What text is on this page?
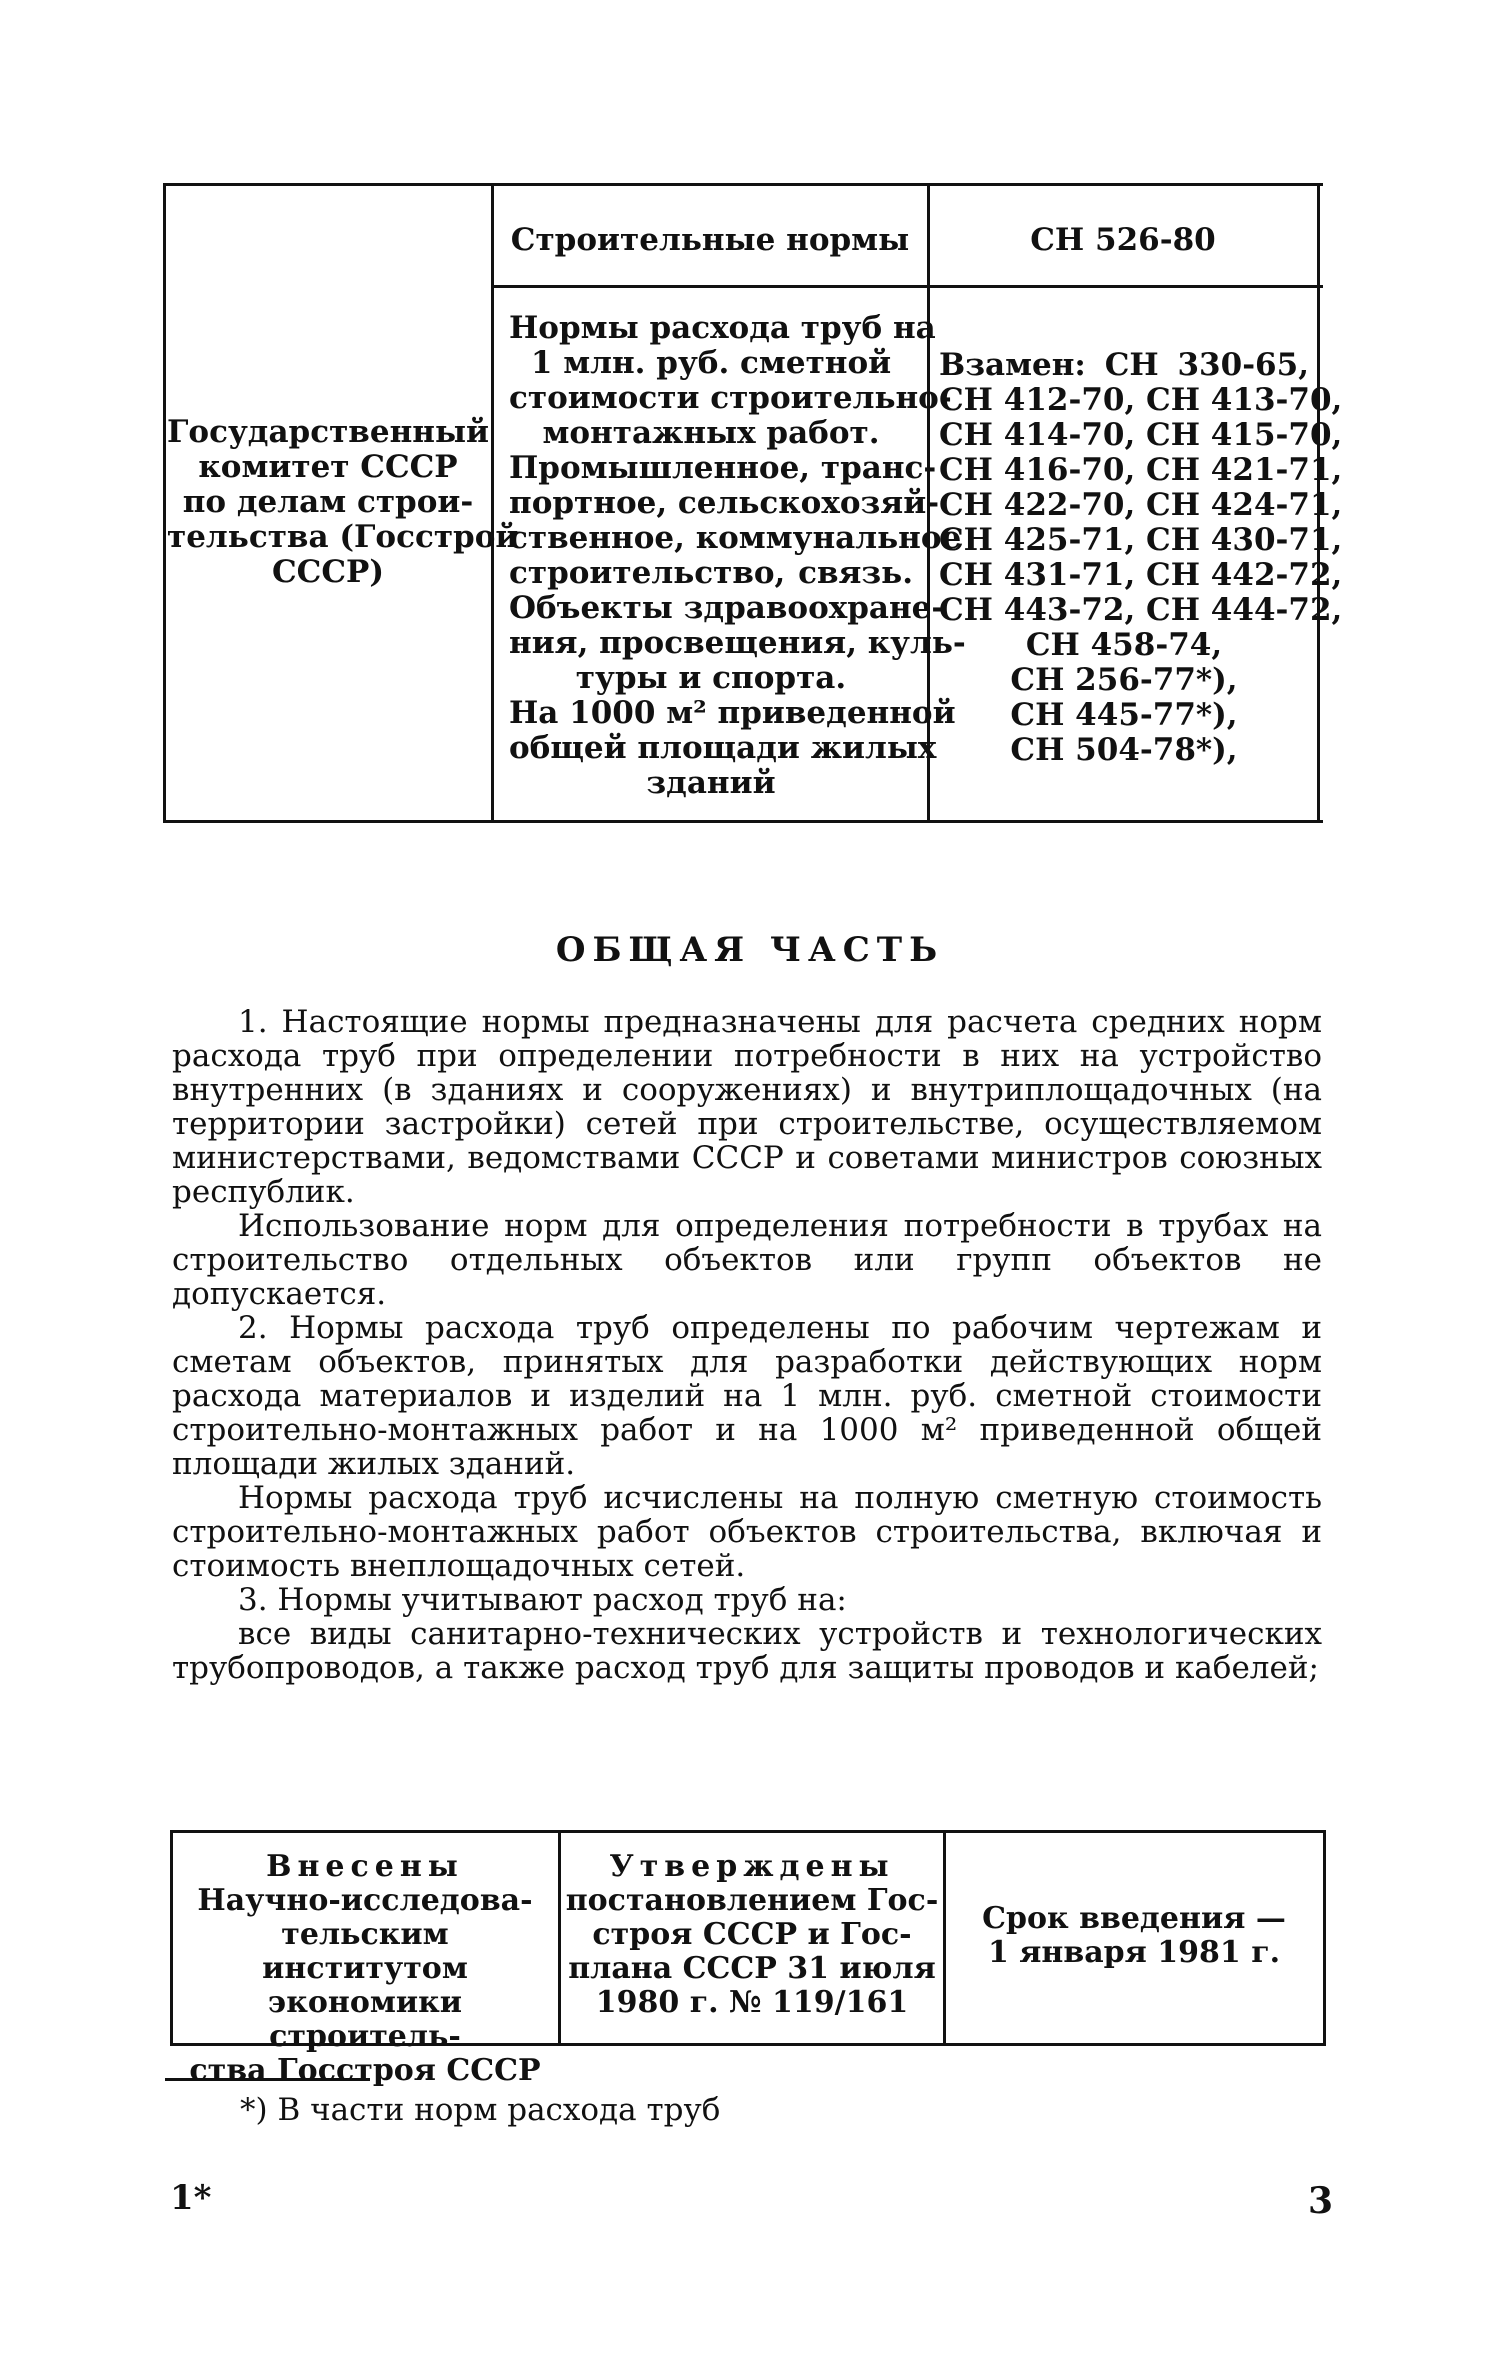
Государственный
комитет СССР
по делам строи-
тельства (Госстрой
СССР)
Строительные нормы	СН 526-80
Нормы расхода труб на
1 млн. руб. сметной
стоимости строительно-
монтажных работ.
Промышленное, транс-
портное, сельскохозяй-
ственное, коммунальное
строительство, связь.
Объекты здравоохране-
ния, просвещения, куль-
туры и спорта.
На 1000 м² приведенной
общей площади жилых
зданий
Взамен: СН 330-65,
СН 412-70, СН 413-70,
СН 414-70, СН 415-70,
СН 416-70, СН 421-71,
СН 422-70, СН 424-71,
СН 425-71, СН 430-71,
СН 431-71, СН 442-72,
СН 443-72, СН 444-72,
СН 458-74,
СН 256-77*),
СН 445-77*),
СН 504-78*),
ОБЩАЯ ЧАСТЬ

1. Настоящие нормы предназначены для расчета средних норм расхода труб при определении потребности в них на устройство внутренних (в зданиях и сооружениях) и внутриплощадочных (на территории застройки) сетей при строительстве, осуществляемом министерствами, ведомствами СССР и советами министров союзных республик.

Использование норм для определения потребности в трубах на строительство отдельных объектов или групп объектов не допускается.

2. Нормы расхода труб определены по рабочим чертежам и сметам объектов, принятых для разработки действующих норм расхода материалов и изделий на 1 млн. руб. сметной стоимости строительно-монтажных работ и на 1000 м² приведенной общей площади жилых зданий.

Нормы расхода труб исчислены на полную сметную стоимость строительно-монтажных работ объектов строительства, включая и стоимость внеплощадочных сетей.

3. Нормы учитывают расход труб на:

все виды санитарно-технических устройств и технологических трубопроводов, а также расход труб для защиты проводов и кабелей;

Внесены
Научно-исследова-
тельским институтом
экономики строитель-
ства Госстроя СССР
Утверждены
постановлением Гос-
строя СССР и Гос-
плана СССР 31 июля
1980 г. № 119/161
Срок введения —
1 января 1981 г.
*) В части норм расхода труб
1*	3
